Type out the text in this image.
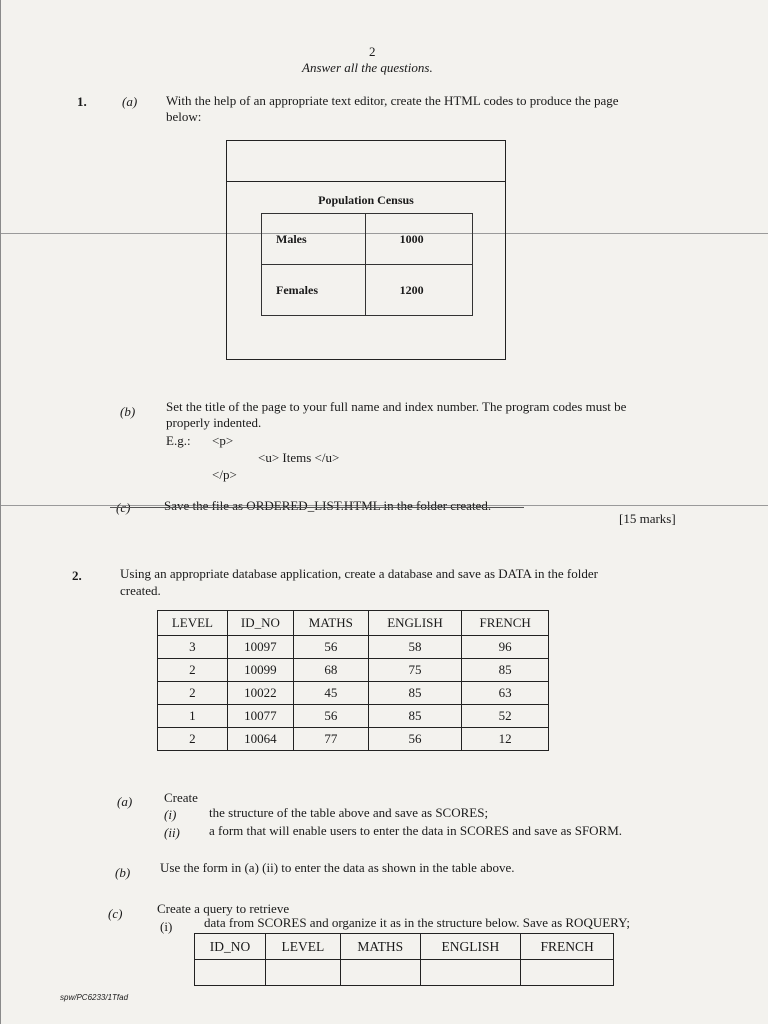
2
Answer all the questions.
1.	(a) With the help of an appropriate text editor, create the HTML codes to produce the page
below:
Population Census
Males	1000
Females	1200
(b) Set the title of the page to your full name and index number. The program codes must be
properly indented.
E.g.: <p>
<u> Items </u>
</p>
(c)	Save the file as ORDERED_LIST.HTML in the folder created.
[15 marks]
2.	Using an appropriate database application, create a database and save as DATA in the folder
created.
LEVEL	ID_NO	MATHS	ENGLISH	FRENCH
3	10097	56	58	96
2	10099	68	75	85
2	10022	45	85	63
1	10077	56	85	52
2	10064	77	56	12
(a) Create
(i)	the structure of the table above and save as SCORES;
(ii) a form that will enable users to enter the data in SCORES and save as SFORM.
(b) Use the form in (a) (ii) to enter the data as shown in the table above.
(c)	Create a query to retrieve
(i) data from SCORES and organize it as in the structure below. Save as ROQUERY;
ID_NO	LEVEL	MATHS	ENGLISH	FRENCH

spw/PC6233/1Tfad
